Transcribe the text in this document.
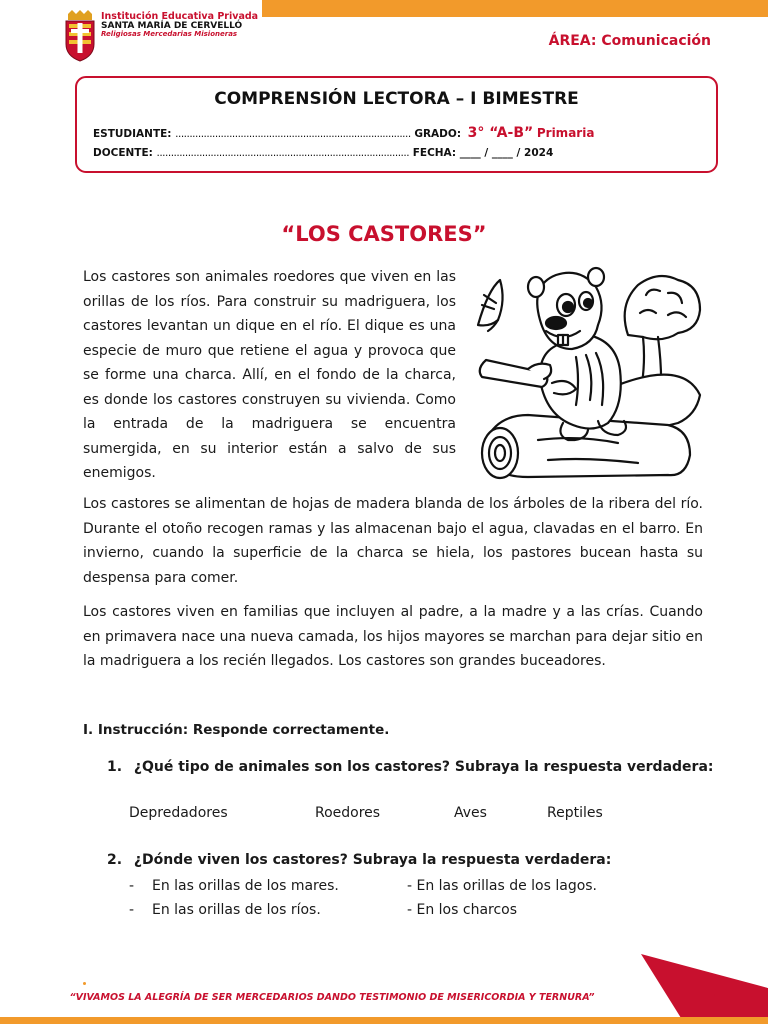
Institución Educativa Privada
SANTA MARÍA DE CERVELLÓ
Religiosas Mercedarias Misioneras	ÁREA: Comunicación
COMPRENSIÓN LECTORA – I BIMESTRE
ESTUDIANTE: ................................................................................... GRADO: 3° “A-B” Primaria
DOCENTE: ......................................................................................... FECHA: ____ / ____ / 2024
“LOS CASTORES”

Los castores son animales roedores que viven en las orillas de los ríos. Para construir su madriguera, los castores levantan un dique en el río. El dique es una especie de muro que retiene el agua y provoca que se forme una charca. Allí, en el fondo de la charca, es donde los castores construyen su vivienda. Como la entrada de la madriguera se encuentra sumergida, en su interior están a salvo de sus enemigos.

Los castores se alimentan de hojas de madera blanda de los árboles de la ribera del río. Durante el otoño recogen ramas y las almacenan bajo el agua, clavadas en el barro. En invierno, cuando la superficie de la charca se hiela, los pastores bucean hasta su despensa para comer.

Los castores viven en familias que incluyen al padre, a la madre y a las crías. Cuando en primavera nace una nueva camada, los hijos mayores se marchan para dejar sitio en la madriguera a los recién llegados. Los castores son grandes buceadores.

I. Instrucción: Responde correctamente.
1. ¿Qué tipo de animales son los castores? Subraya la respuesta verdadera:
Depredadores	Roedores	Aves	Reptiles
2. ¿Dónde viven los castores? Subraya la respuesta verdadera:
- En las orillas de los mares.	- En las orillas de los lagos.
- En las orillas de los ríos.	- En los charcos
“VIVAMOS LA ALEGRÍA DE SER MERCEDARIOS DANDO TESTIMONIO DE MISERICORDIA Y TERNURA”	1
